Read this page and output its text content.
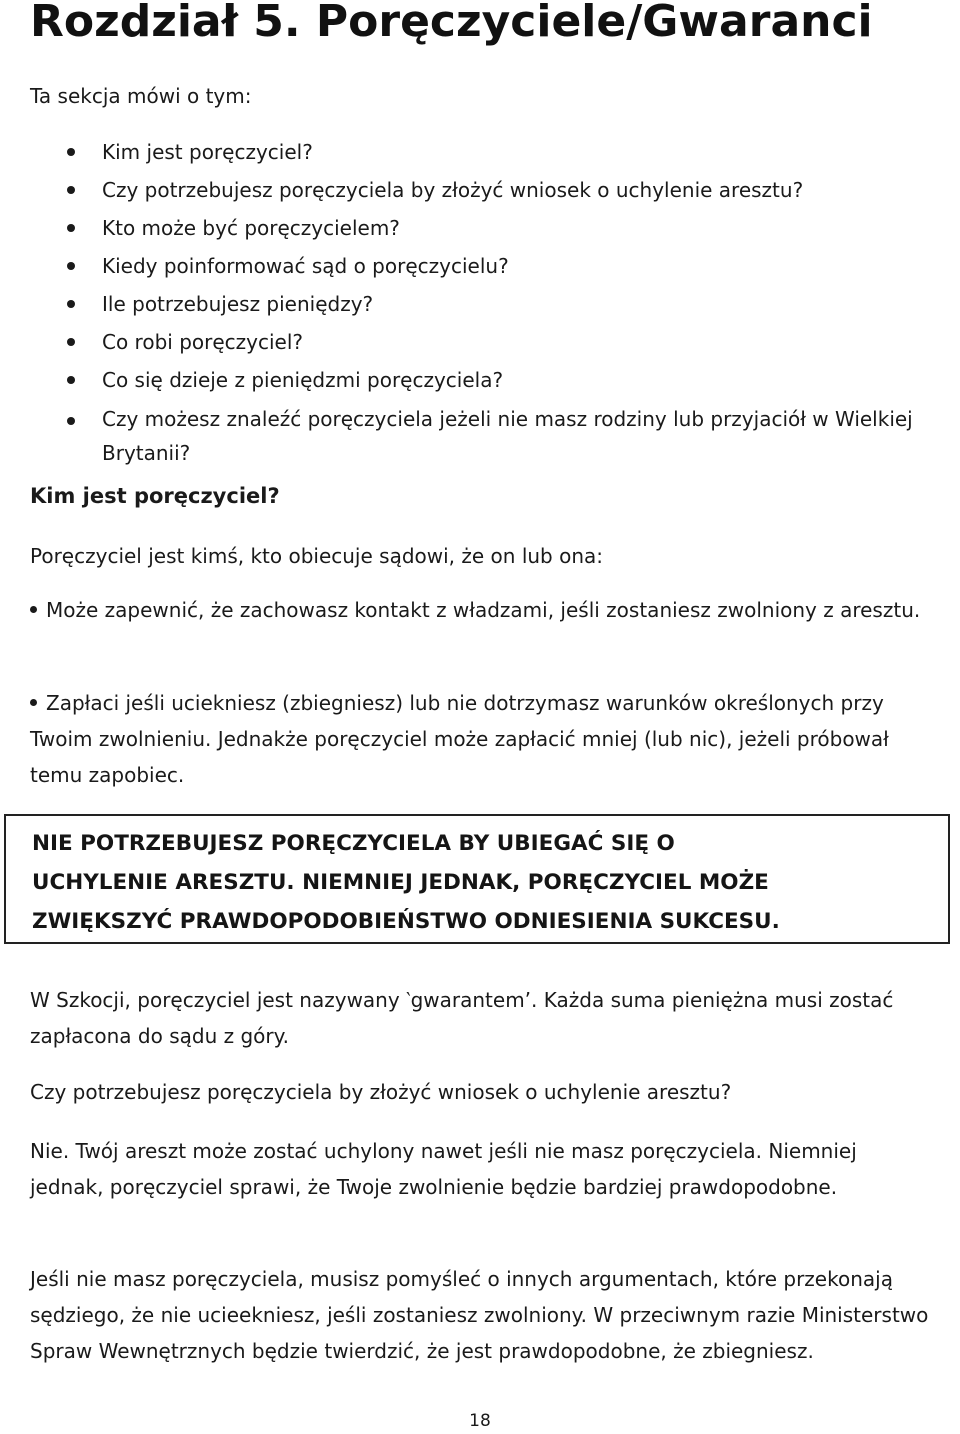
Rozdział 5. Poręczyciele/Gwaranci

Ta sekcja mówi o tym:

Kim jest poręczyciel?
Czy potrzebujesz poręczyciela by złożyć wniosek o uchylenie aresztu?
Kto może być poręczycielem?
Kiedy poinformować sąd o poręczycielu?
Ile potrzebujesz pieniędzy?
Co robi poręczyciel?
Co się dzieje z pieniędzmi poręczyciela?
Czy możesz znaleźć poręczyciela jeżeli nie masz rodziny lub przyjaciół w Wielkiej Brytanii?
Kim jest poręczyciel?

Poręczyciel jest kimś, kto obiecuje sądowi, że on lub ona:

Może zapewnić, że zachowasz kontakt z władzami, jeśli zostaniesz zwolniony z aresztu.

Zapłaci jeśli uciekniesz (zbiegniesz) lub nie dotrzymasz warunków określonych przy Twoim zwolnieniu. Jednakże poręczyciel może zapłacić mniej (lub nic), jeżeli próbował temu zapobiec.

NIE POTRZEBUJESZ PORĘCZYCIELA BY UBIEGAĆ SIĘ O

UCHYLENIE ARESZTU. NIEMNIEJ JEDNAK, PORĘCZYCIEL MOŻE

ZWIĘKSZYĆ PRAWDOPODOBIEŃSTWO ODNIESIENIA SUKCESU.

W Szkocji, poręczyciel jest nazywany ‵gwarantem’. Każda suma pieniężna musi zostać zapłacona do sądu z góry.

Czy potrzebujesz poręczyciela by złożyć wniosek o uchylenie aresztu?

Nie. Twój areszt może zostać uchylony nawet jeśli nie masz poręczyciela. Niemniej jednak, poręczyciel sprawi, że Twoje zwolnienie będzie bardziej prawdopodobne.

Jeśli nie masz poręczyciela, musisz pomyśleć o innych argumentach, które przekonają sędziego, że nie ucieekniesz, jeśli zostaniesz zwolniony. W przeciwnym razie Ministerstwo Spraw Wewnętrznych będzie twierdzić, że jest prawdopodobne, że zbiegniesz.

18
